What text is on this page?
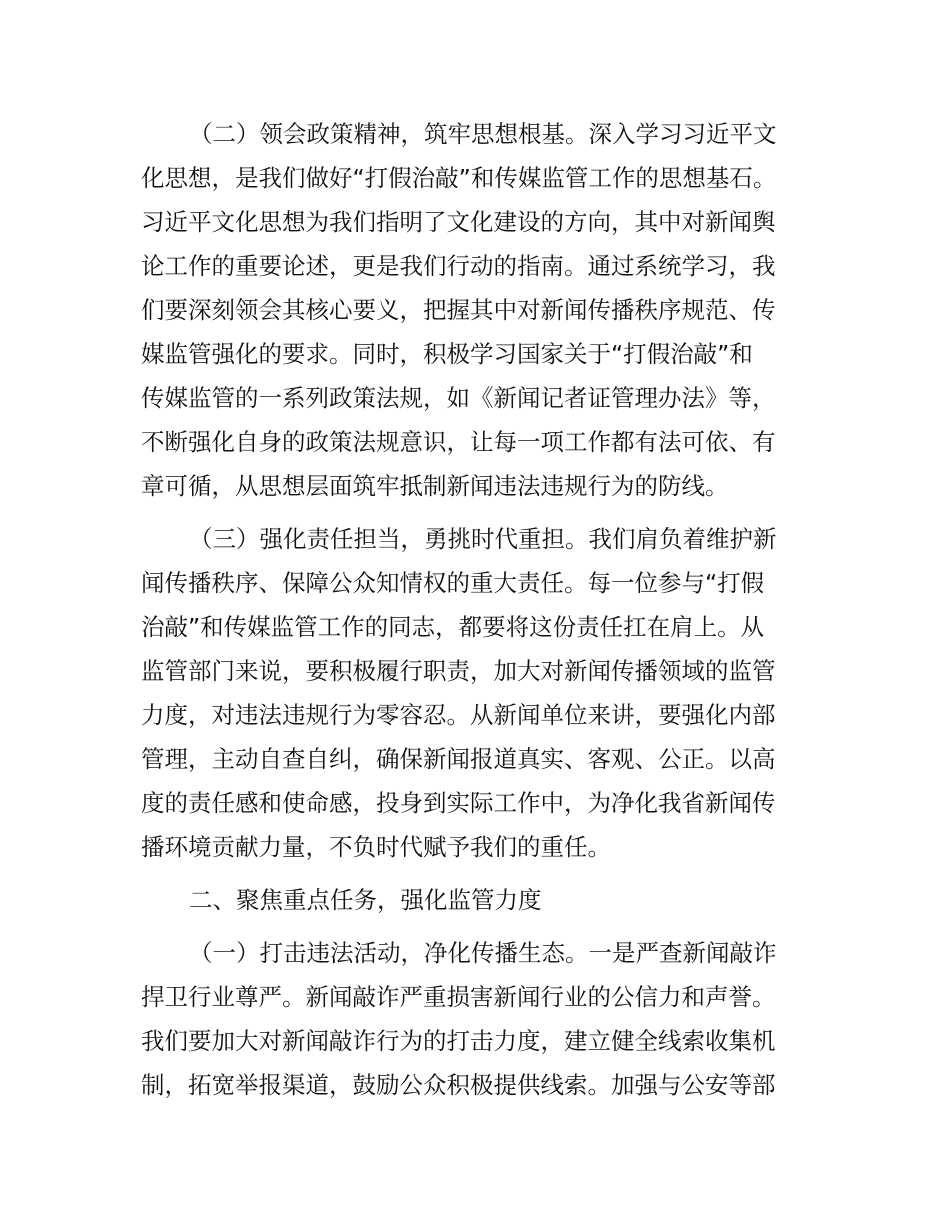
（二）领会政策精神，筑牢思想根基。深入学习习近平文
化思想，是我们做好“打假治敲”和传媒监管工作的思想基石。
习近平文化思想为我们指明了文化建设的方向，其中对新闻舆
论工作的重要论述，更是我们行动的指南。通过系统学习，我
们要深刻领会其核心要义，把握其中对新闻传播秩序规范、传
媒监管强化的要求。同时，积极学习国家关于“打假治敲”和
传媒监管的一系列政策法规，如《新闻记者证管理办法》等，
不断强化自身的政策法规意识，让每一项工作都有法可依、有
章可循，从思想层面筑牢抵制新闻违法违规行为的防线。
（三）强化责任担当，勇挑时代重担。我们肩负着维护新
闻传播秩序、保障公众知情权的重大责任。每一位参与“打假
治敲”和传媒监管工作的同志，都要将这份责任扛在肩上。从
监管部门来说，要积极履行职责，加大对新闻传播领域的监管
力度，对违法违规行为零容忍。从新闻单位来讲，要强化内部
管理，主动自查自纠，确保新闻报道真实、客观、公正。以高
度的责任感和使命感，投身到实际工作中，为净化我省新闻传
播环境贡献力量，不负时代赋予我们的重任。
二、聚焦重点任务，强化监管力度
（一）打击违法活动，净化传播生态。一是严查新闻敲诈
捍卫行业尊严。新闻敲诈严重损害新闻行业的公信力和声誉。
我们要加大对新闻敲诈行为的打击力度，建立健全线索收集机
制，拓宽举报渠道，鼓励公众积极提供线索。加强与公安等部
